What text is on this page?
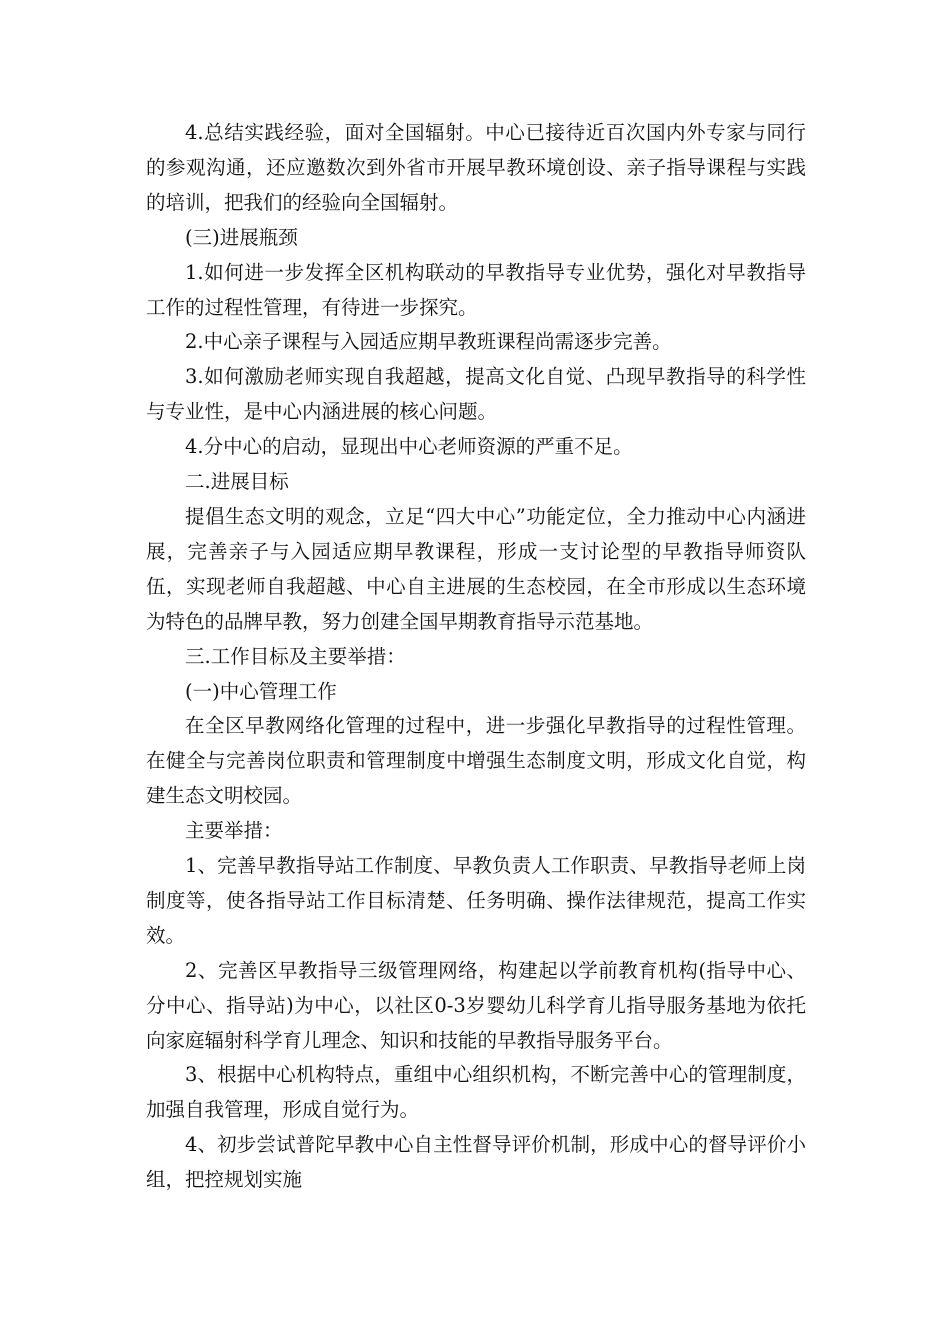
4.总结实践经验，面对全国辐射。中心已接待近百次国内外专家与同行的参观沟通，还应邀数次到外省市开展早教环境创设、亲子指导课程与实践的培训，把我们的经验向全国辐射。

(三)进展瓶颈

1.如何进一步发挥全区机构联动的早教指导专业优势，强化对早教指导工作的过程性管理，有待进一步探究。

2.中心亲子课程与入园适应期早教班课程尚需逐步完善。

3.如何激励老师实现自我超越，提高文化自觉、凸现早教指导的科学性与专业性，是中心内涵进展的核心问题。

4.分中心的启动，显现出中心老师资源的严重不足。

二.进展目标

提倡生态文明的观念，立足“四大中心”功能定位，全力推动中心内涵进展，完善亲子与入园适应期早教课程，形成一支讨论型的早教指导师资队伍，实现老师自我超越、中心自主进展的生态校园，在全市形成以生态环境为特色的品牌早教，努力创建全国早期教育指导示范基地。

三.工作目标及主要举措：

(一)中心管理工作

在全区早教网络化管理的过程中，进一步强化早教指导的过程性管理。在健全与完善岗位职责和管理制度中增强生态制度文明，形成文化自觉，构建生态文明校园。

主要举措：

1、完善早教指导站工作制度、早教负责人工作职责、早教指导老师上岗制度等，使各指导站工作目标清楚、任务明确、操作法律规范，提高工作实效。

2、完善区早教指导三级管理网络，构建起以学前教育机构(指导中心、分中心、指导站)为中心，以社区0-3岁婴幼儿科学育儿指导服务基地为依托向家庭辐射科学育儿理念、知识和技能的早教指导服务平台。

3、根据中心机构特点，重组中心组织机构，不断完善中心的管理制度，加强自我管理，形成自觉行为。

4、初步尝试普陀早教中心自主性督导评价机制，形成中心的督导评价小组，把控规划实施
